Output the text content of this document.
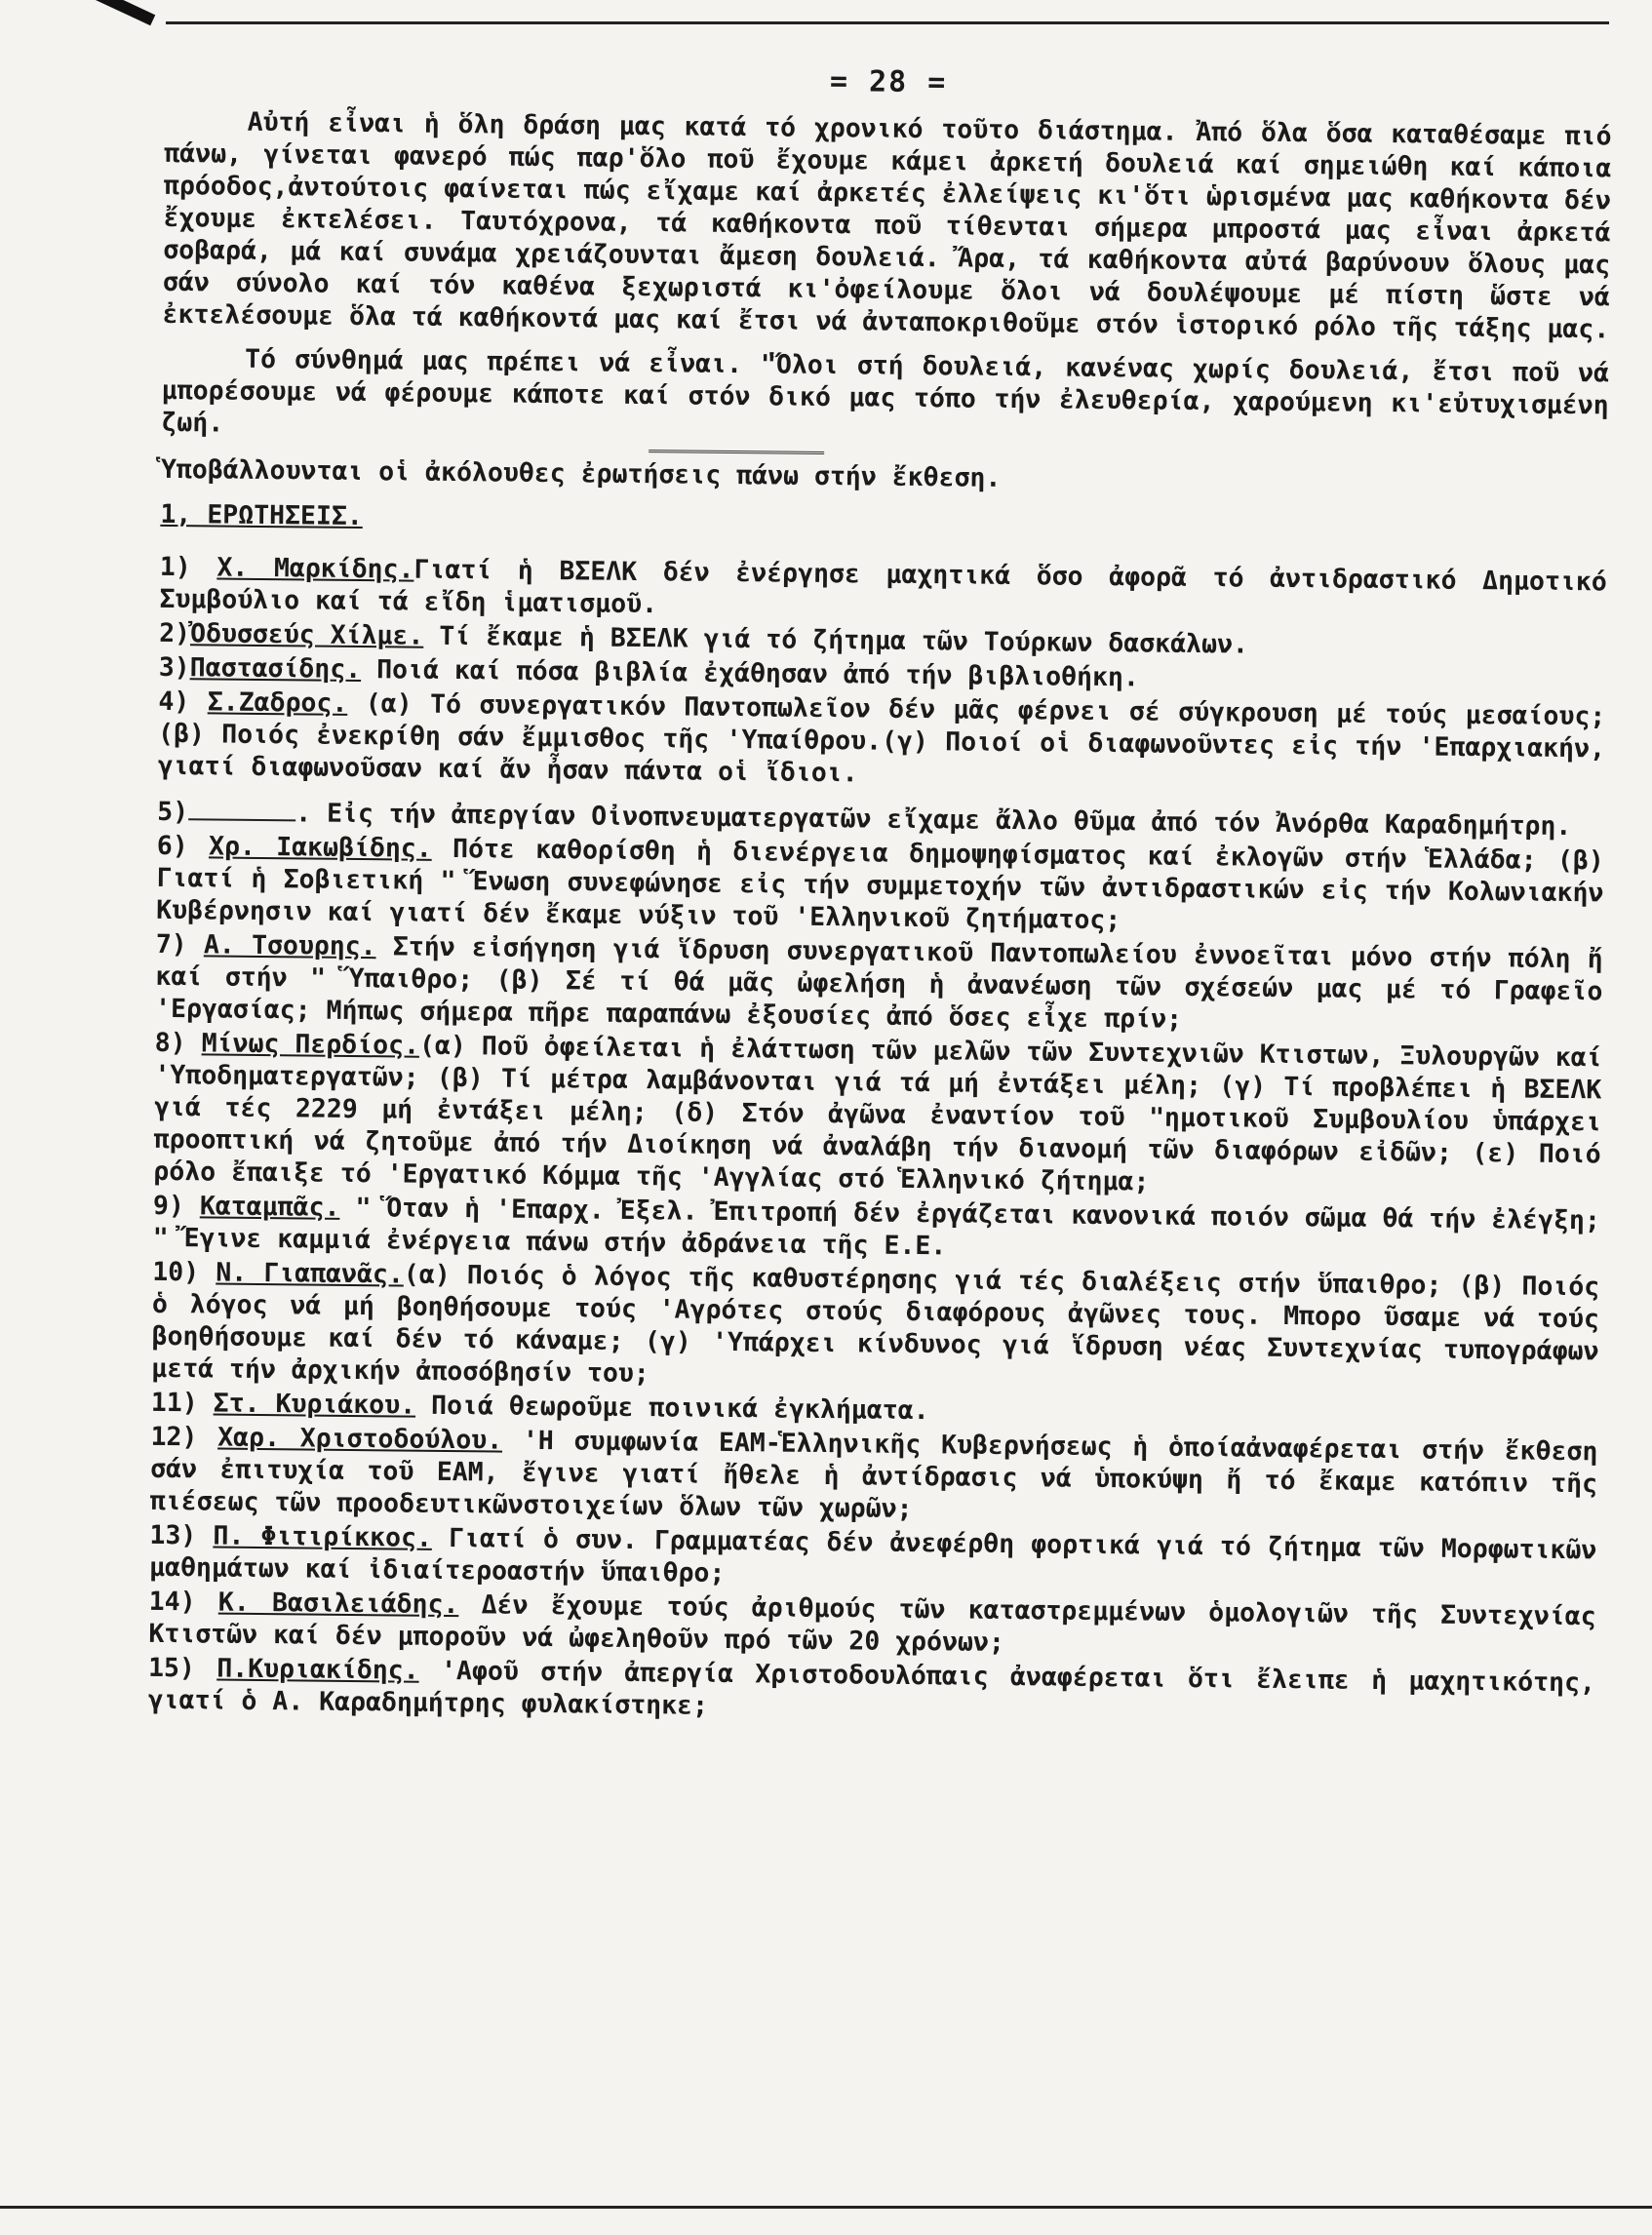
= 28 =

Αὐτή εἶναι ἡ ὅλη δράση μας κατά τό χρονικό τοῦτο διάστημα. Ἀπό ὅλα ὅσα καταθέσαμε πιό πάνω, γίνεται φανερό πώς παρ'ὅλο ποῦ ἔχουμε κάμει ἀρκετή δουλειά καί σημειώθη καί κάποια πρόοδος,ἀντούτοις φαίνεται πώς εἴχαμε καί ἀρκετές ἐλλείψεις κι'ὅτι ὡρισμένα μας καθήκοντα δέν ἔχουμε ἐκτελέσει. Ταυτόχρονα, τά καθήκοντα ποῦ τίθενται σήμερα μπροστά μας εἶναι ἀρκετά σοβαρά, μά καί συνάμα χρειάζουνται ἄμεση δουλειά. Ἄρα, τά καθήκοντα αὐτά βαρύνουν ὅλους μας σάν σύνολο καί τόν καθένα ξεχωριστά κι'ὀφείλουμε ὅλοι νά δουλέψουμε μέ πίστη ὥστε νά ἐκτελέσουμε ὅλα τά καθήκοντά μας καί ἔτσι νά ἀνταποκριθοῦμε στόν ἱστορικό ρόλο τῆς τάξης μας.

Τό σύνθημά μας πρέπει νά εἶναι. "Ὅλοι στή δουλειά, κανένας χωρίς δουλειά, ἔτσι ποῦ νά μπορέσουμε νά φέρουμε κάποτε καί στόν δικό μας τόπο τήν ἐλευθερία, χαρούμενη κι'εὐτυχισμένη ζωή.

Ὑποβάλλουνται οἱ ἀκόλουθες ἐρωτήσεις πάνω στήν ἔκθεση.

1, ΕΡΩΤΗΣΕΙΣ.

1) Χ. Μαρκίδης.Γιατί ἡ ΒΣΕΛΚ δέν ἐνέργησε μαχητικά ὅσο ἀφορᾶ τό ἀντιδραστικό Δημοτικό Συμβούλιο καί τά εἴδη ἱματισμοῦ.

2)Ὀδυσσεύς Χίλμε. Τί ἔκαμε ἡ ΒΣΕΛΚ γιά τό ζήτημα τῶν Τούρκων δασκάλων.

3)Παστασίδης. Ποιά καί πόσα βιβλία ἐχάθησαν ἀπό τήν βιβλιοθήκη.

4) Σ.Ζαδρος. (α) Τό συνεργατικόν Παντοπωλεῖον δέν μᾶς φέρνει σέ σύγκρουση μέ τούς μεσαίους;(β) Ποιός ἐνεκρίθη σάν ἔμμισθος τῆς 'Υπαίθρου.(γ) Ποιοί οἱ διαφωνοῦντες εἰς τήν 'Επαρχιακήν, γιατί διαφωνοῦσαν καί ἄν ἦσαν πάντα οἱ ἴδιοι.

5)	. Εἰς τήν ἀπεργίαν Οἰνοπνευματεργατῶν εἴχαμε ἄλλο θῦμα ἀπό τόν Ἀνόρθα Καραδημήτρη.

6) Χρ. Ιακωβίδης. Πότε καθορίσθη ἡ διενέργεια δημοψηφίσματος καί ἐκλογῶν στήν Ἑλλάδα; (β) Γιατί ἡ Σοβιετική " Ἕνωση συνεφώνησε εἰς τήν συμμετοχήν τῶν ἀντιδραστικών εἰς τήν Κολωνιακήν Κυβέρνησιν καί γιατί δέν ἔκαμε νύξιν τοῦ 'Ελληνικοῦ ζητήματος;

7) Α. Τσουρης. Στήν εἰσήγηση γιά ἵδρυση συνεργατικοῦ Παντοπωλείου ἐννοεῖται μόνο στήν πόλη ἤ καί στήν " Ὕπαιθρο; (β) Σέ τί θά μᾶς ὠφελήση ἡ ἀνανέωση τῶν σχέσεών μας μέ τό Γραφεῖο 'Εργασίας; Μήπως σήμερα πῆρε παραπάνω ἐξουσίες ἀπό ὅσες εἶχε πρίν;

8) Μίνως Περδίος.(α) Ποῦ ὀφείλεται ἡ ἐλάττωση τῶν μελῶν τῶν Συντεχνιῶν Κτιστων, Ξυλουργῶν καί 'Υποδηματεργατῶν; (β) Τί μέτρα λαμβάνονται γιά τά μή ἐντάξει μέλη; (γ) Τί προβλέπει ἡ ΒΣΕΛΚ γιά τές 2229 μή ἐντάξει μέλη; (δ) Στόν ἀγῶνα ἐναντίον τοῦ "ημοτικοῦ Συμβουλίου ὑπάρχει προοπτική νά ζητοῦμε ἀπό τήν Διοίκηση νά ἀναλάβη τήν διανομή τῶν διαφόρων εἰδῶν; (ε) Ποιό ρόλο ἔπαιξε τό 'Εργατικό Κόμμα τῆς 'Αγγλίας στό Ἑλληνικό ζήτημα;

9) Καταμπᾶς. " Ὅταν ἡ 'Επαρχ. Ἐξελ. Ἐπιτροπή δέν ἐργάζεται κανονικά ποιόν σῶμα θά τήν ἐλέγξη; " Ἔγινε καμμιά ἐνέργεια πάνω στήν ἀδράνεια τῆς Ε.Ε.

10) Ν. Γιαπανᾶς.(α) Ποιός ὁ λόγος τῆς καθυστέρησης γιά τές διαλέξεις στήν ὕπαιθρο; (β) Ποιός ὁ λόγος νά μή βοηθήσουμε τούς 'Αγρότες στούς διαφόρους ἀγῶνες τους. Μπορο ῦσαμε νά τούς βοηθήσουμε καί δέν τό κάναμε; (γ) 'Υπάρχει κίνδυνος γιά ἵδρυση νέας Συντεχνίας τυπογράφων μετά τήν ἀρχικήν ἀποσόβησίν του;

11) Στ. Κυριάκου. Ποιά θεωροῦμε ποινικά ἐγκλήματα.

12) Χαρ. Χριστοδούλου. 'Η συμφωνία ΕΑΜ-Ἑλληνικῆς Κυβερνήσεως ἡ ὁποίαἀναφέρεται στήν ἔκθεση σάν ἐπιτυχία τοῦ ΕΑΜ, ἔγινε γιατί ἤθελε ἡ ἀντίδρασις νά ὑποκύψη ἤ τό ἔκαμε κατόπιν τῆς πιέσεως τῶν προοδευτικῶνστοιχείων ὅλων τῶν χωρῶν;

13) Π. Φιτιρίκκος. Γιατί ὁ συν. Γραμματέας δέν ἀνεφέρθη φορτικά γιά τό ζήτημα τῶν Μορφωτικῶν μαθημάτων καί ἰδιαίτεροαστήν ὕπαιθρο;

14) Κ. Βασιλειάδης. Δέν ἔχουμε τούς ἀριθμούς τῶν καταστρεμμένων ὁμολογιῶν τῆς Συντεχνίας Κτιστῶν καί δέν μποροῦν νά ὠφεληθοῦν πρό τῶν 20 χρόνων;

15) Π.Κυριακίδης. 'Αφοῦ στήν ἀπεργία Χριστοδουλόπαις ἀναφέρεται ὅτι ἔλειπε ἡ μαχητικότης, γιατί ὁ Α. Καραδημήτρης φυλακίστηκε;
